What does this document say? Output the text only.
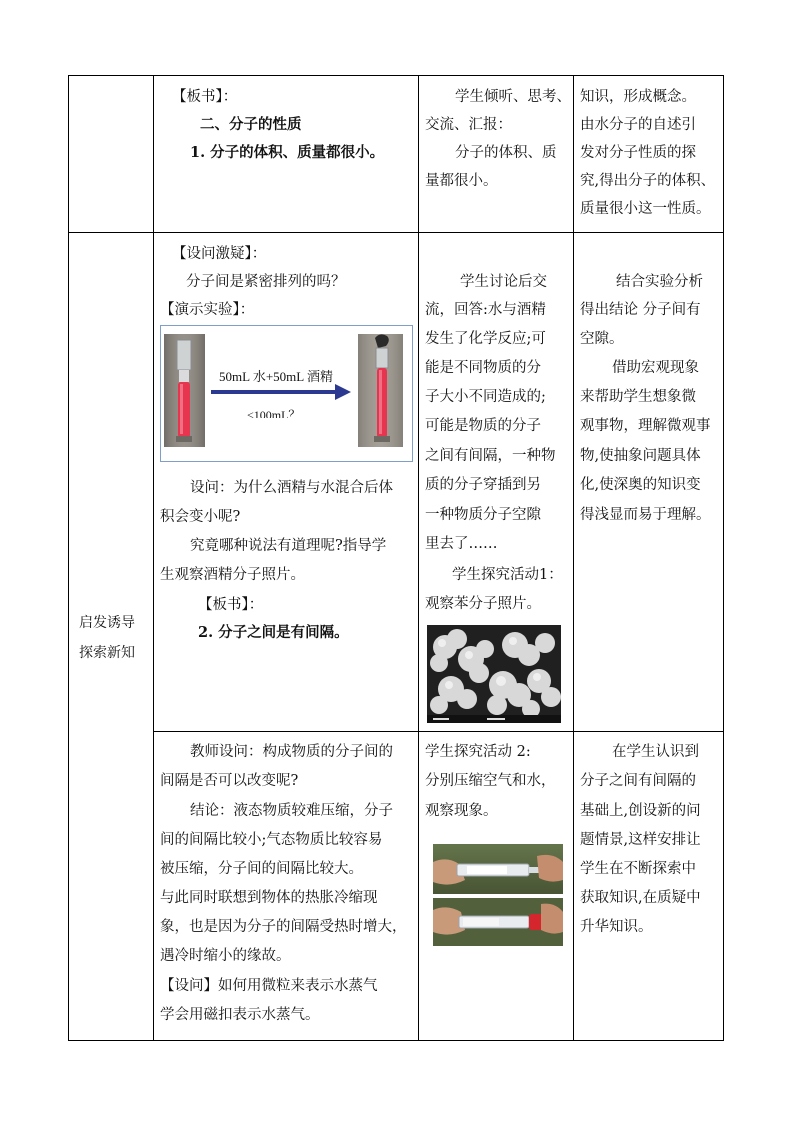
【板书】：
二、分子的性质
1. 分子的体积、质量都很小。
学生倾听、思考、
交流、汇报：
分子的体积、质
量都很小。
知识，形成概念。
由水分子的自述引
发对分子性质的探
究,得出分子的体积、
质量很小这一性质。
启发诱导
探索新知
【设问激疑】：
分子间是紧密排列的吗？
【演示实验】：
50mL 水+50mL 酒精
<100mL？
设问：为什么酒精与水混合后体
积会变小呢?
究竟哪种说法有道理呢?指导学
生观察酒精分子照片。
【板书】：
2. 分子之间是有间隔。
学生讨论后交
流，回答:水与酒精
发生了化学反应;可
能是不同物质的分
子大小不同造成的;
可能是物质的分子
之间有间隔，一种物
质的分子穿插到另
一种物质分子空隙
里去了……
学生探究活动1：
观察苯分子照片。
结合实验分析
得出结论 分子间有
空隙。
借助宏观现象
来帮助学生想象微
观事物，理解微观事
物,使抽象问题具体
化,使深奥的知识变
得浅显而易于理解。
教师设问：构成物质的分子间的
间隔是否可以改变呢?
结论：液态物质较难压缩，分子
间的间隔比较小;气态物质比较容易
被压缩，分子间的间隔比较大。
与此同时联想到物体的热胀冷缩现
象，也是因为分子的间隔受热时增大，
遇冷时缩小的缘故。
【设问】如何用微粒来表示水蒸气
学会用磁扣表示水蒸气。
学生探究活动 2:
分别压缩空气和水，
观察现象。
在学生认识到
分子之间有间隔的
基础上,创设新的问
题情景,这样安排让
学生在不断探索中
获取知识,在质疑中
升华知识。
